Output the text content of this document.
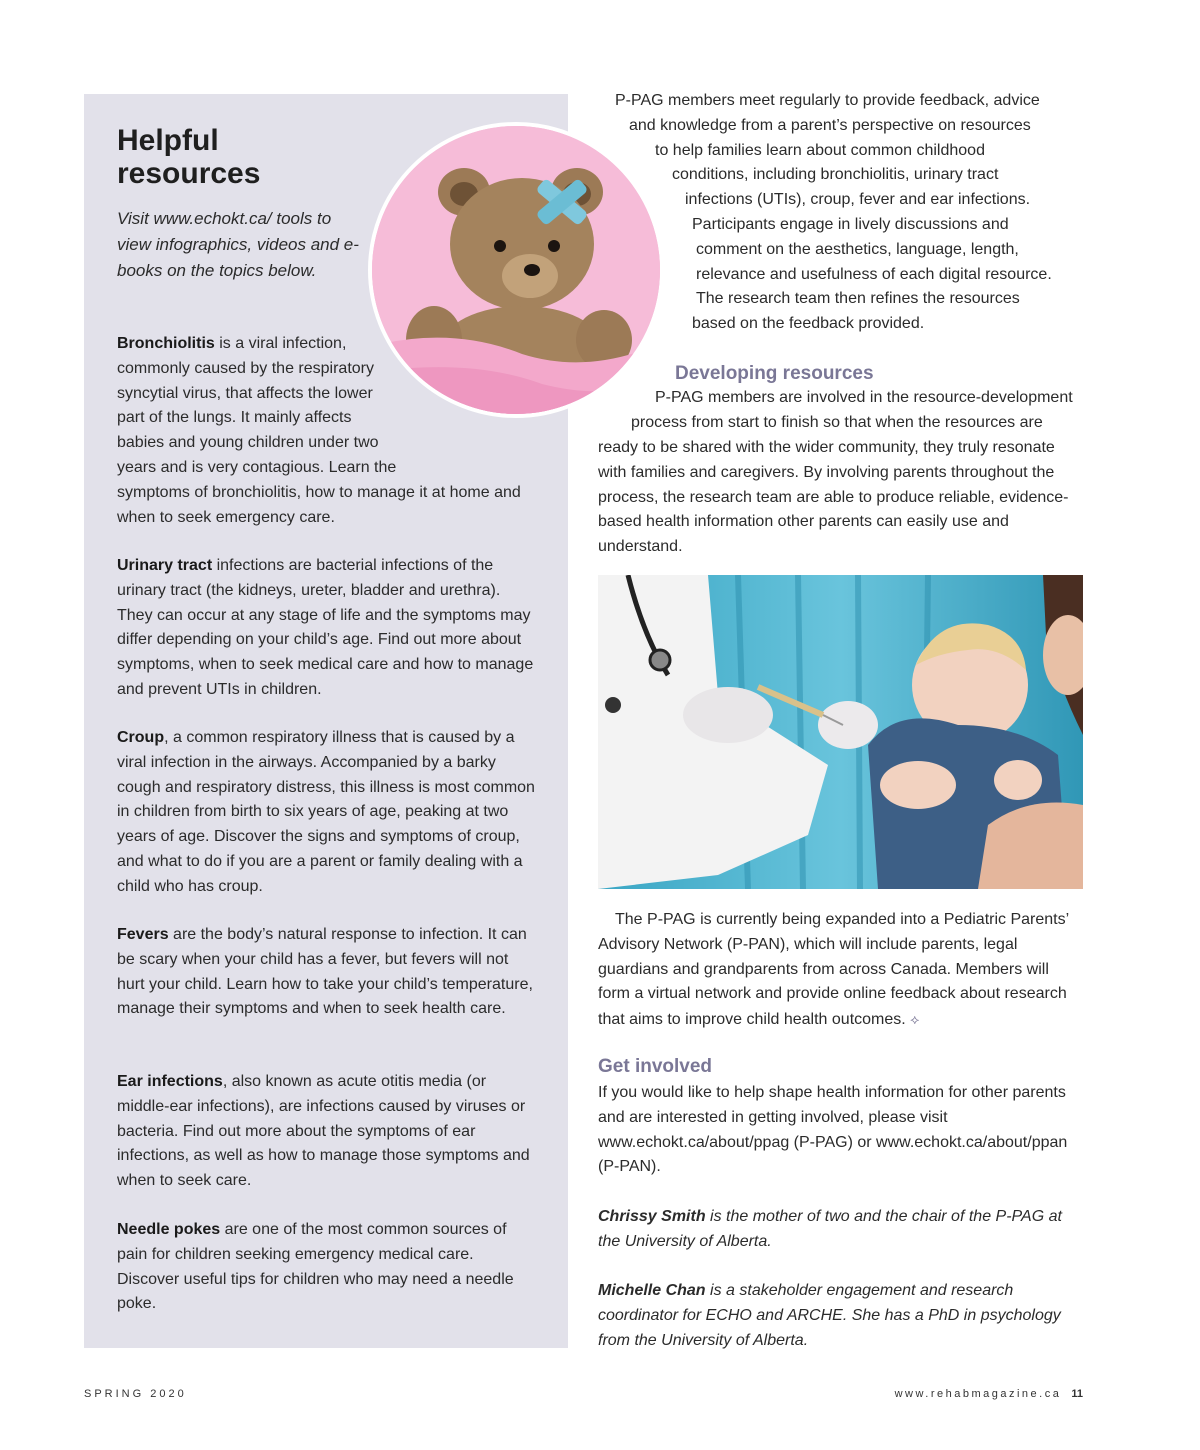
Helpful
resources
Visit www.echokt.ca/ tools to view infographics, videos and e-books on the topics below.
Bronchiolitis is a viral infection, commonly caused by the respiratory syncytial virus, that affects the lower part of the lungs. It mainly affects babies and young children under two years and is very contagious. Learn the symptoms of bronchiolitis, how to manage it at home and when to seek emergency care.
Urinary tract infections are bacterial infections of the urinary tract (the kidneys, ureter, bladder and urethra). They can occur at any stage of life and the symptoms may differ depending on your child’s age. Find out more about symptoms, when to seek medical care and how to manage and prevent UTIs in children.
Croup, a common respiratory illness that is caused by a viral infection in the airways. Accompanied by a barky cough and respiratory distress, this illness is most common in children from birth to six years of age, peaking at two years of age. Discover the signs and symptoms of croup, and what to do if you are a parent or family dealing with a child who has croup.
Fevers are the body’s natural response to infection. It can be scary when your child has a fever, but fevers will not hurt your child. Learn how to take your child’s temperature, manage their symptoms and when to seek health care.
Ear infections, also known as acute otitis media (or middle-ear infections), are infections caused by viruses or bacteria. Find out more about the symptoms of ear infections, as well as how to manage those symptoms and when to seek care.
Needle pokes are one of the most common sources of pain for children seeking emergency medical care. Discover useful tips for children who may need a needle poke.
P-PAG members meet regularly to provide feedback, advice
and knowledge from a parent’s perspective on resources
to help families learn about common childhood
conditions, including bronchiolitis, urinary tract
infections (UTIs), croup, fever and ear infections.
Participants engage in lively discussions and
comment on the aesthetics, language, length,
relevance and usefulness of each digital resource.
The research team then refines the resources
based on the feedback provided.
Developing resources
P-PAG members are involved in the resource-development
process from start to finish so that when the resources are
ready to be shared with the wider community, they truly resonate with families and caregivers. By involving parents throughout the process, the research team are able to produce reliable, evidence-based health information other parents can easily use and understand.
The P-PAG is currently being expanded into a Pediatric Parents’ Advisory Network (P-PAN), which will include parents, legal guardians and grandparents from across Canada. Members will form a virtual network and provide online feedback about research that aims to improve child health outcomes. ⟡
Get involved
If you would like to help shape health information for other parents and are interested in getting involved, please visit www.echokt.ca/about/ppag (P-PAG) or www.echokt.ca/about/ppan (P-PAN).
Chrissy Smith is the mother of two and the chair of the P-PAG at the University of Alberta.
Michelle Chan is a stakeholder engagement and research coordinator for ECHO and ARCHE. She has a PhD in psychology from the University of Alberta.
SPRING 2020	www.rehabmagazine.ca 11
